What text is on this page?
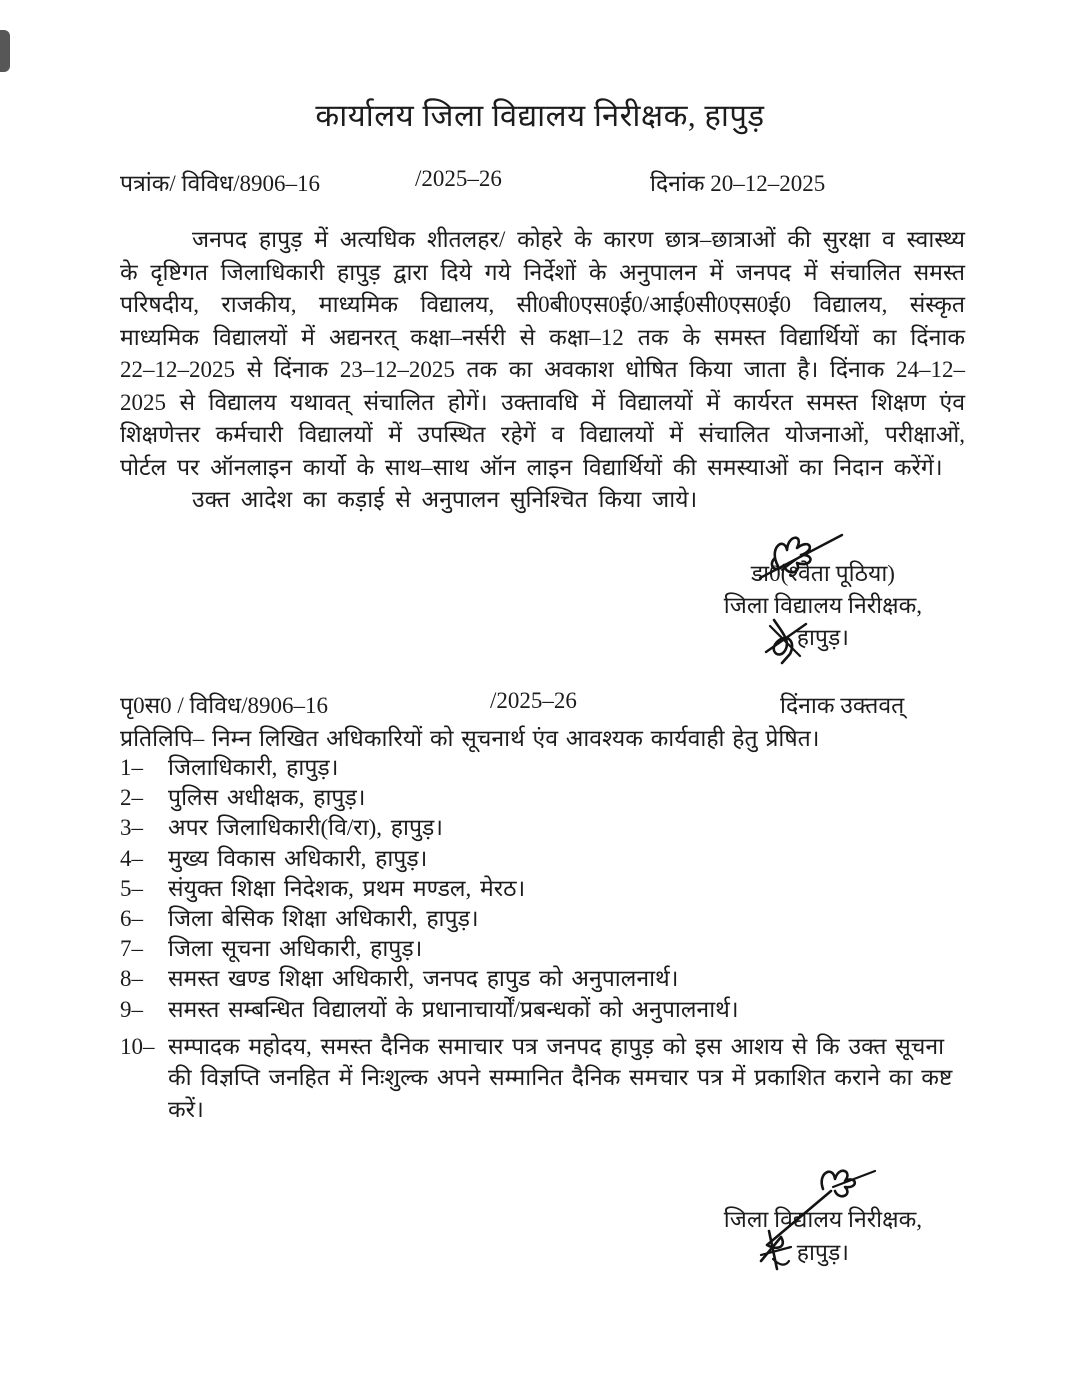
कार्यालय जिला विद्यालय निरीक्षक, हापुड़
पत्रांक/ विविध/8906–16	/2025–26	दिनांक 20–12–2025

जनपद हापुड़ में अत्यधिक शीतलहर/ कोहरे के कारण छात्र–छात्राओं की सुरक्षा व स्वास्थ्य के दृष्टिगत जिलाधिकारी हापुड़ द्वारा दिये गये निर्देशों के अनुपालन में जनपद में संचालित समस्त परिषदीय, राजकीय, माध्यमिक विद्यालय, सी0बी0एस0ई0/आई0सी0एस0ई0 विद्यालय, संस्कृत माध्यमिक विद्यालयों में अद्यनरत् कक्षा–नर्सरी से कक्षा–12 तक के समस्त विद्यार्थियों का दिंनाक 22–12–2025 से दिंनाक 23–12–2025 तक का अवकाश धोषित किया जाता है। दिंनाक 24–12–2025 से विद्यालय यथावत् संचालित होगें। उक्तावधि में विद्यालयों में कार्यरत समस्त शिक्षण एंव शिक्षणेत्तर कर्मचारी विद्यालयों में उपस्थित रहेगें व विद्यालयों में संचालित योजनाओं, परीक्षाओं, पोर्टल पर ऑनलाइन कार्यो के साथ–साथ ऑन लाइन विद्यार्थियों की समस्याओं का निदान करेंगें।

उक्त आदेश का कड़ाई से अनुपालन सुनिश्चित किया जाये।

डा0(श्वेता पूठिया)
जिला विद्यालय निरीक्षक,
हापुड़।
पृ0स0 / विविध/8906–16	/2025–26	दिंनाक उक्तवत्
प्रतिलिपि– निम्न लिखित अधिकारियों को सूचनार्थ एंव आवश्यक कार्यवाही हेतु प्रेषित।
1–	जिलाधिकारी, हापुड़।
2–	पुलिस अधीक्षक, हापुड़।
3–	अपर जिलाधिकारी(वि/रा), हापुड़।
4–	मुख्य विकास अधिकारी, हापुड़।
5–	संयुक्त शिक्षा निदेशक, प्रथम मण्डल, मेरठ।
6–	जिला बेसिक शिक्षा अधिकारी, हापुड़।
7–	जिला सूचना अधिकारी, हापुड़।
8–	समस्त खण्ड शिक्षा अधिकारी, जनपद हापुड को अनुपालनार्थ।
9–	समस्त सम्बन्धित विद्यालयों के प्रधानाचार्यों/प्रबन्धकों को अनुपालनार्थ।
10– सम्पादक महोदय, समस्त दैनिक समाचार पत्र जनपद हापुड़ को इस आशय से कि उक्त सूचना की विज्ञप्ति जनहित में निःशुल्क अपने सम्मानित दैनिक समचार पत्र में प्रकाशित कराने का कष्ट करें।
जिला विद्यालय निरीक्षक,
हापुड़।
